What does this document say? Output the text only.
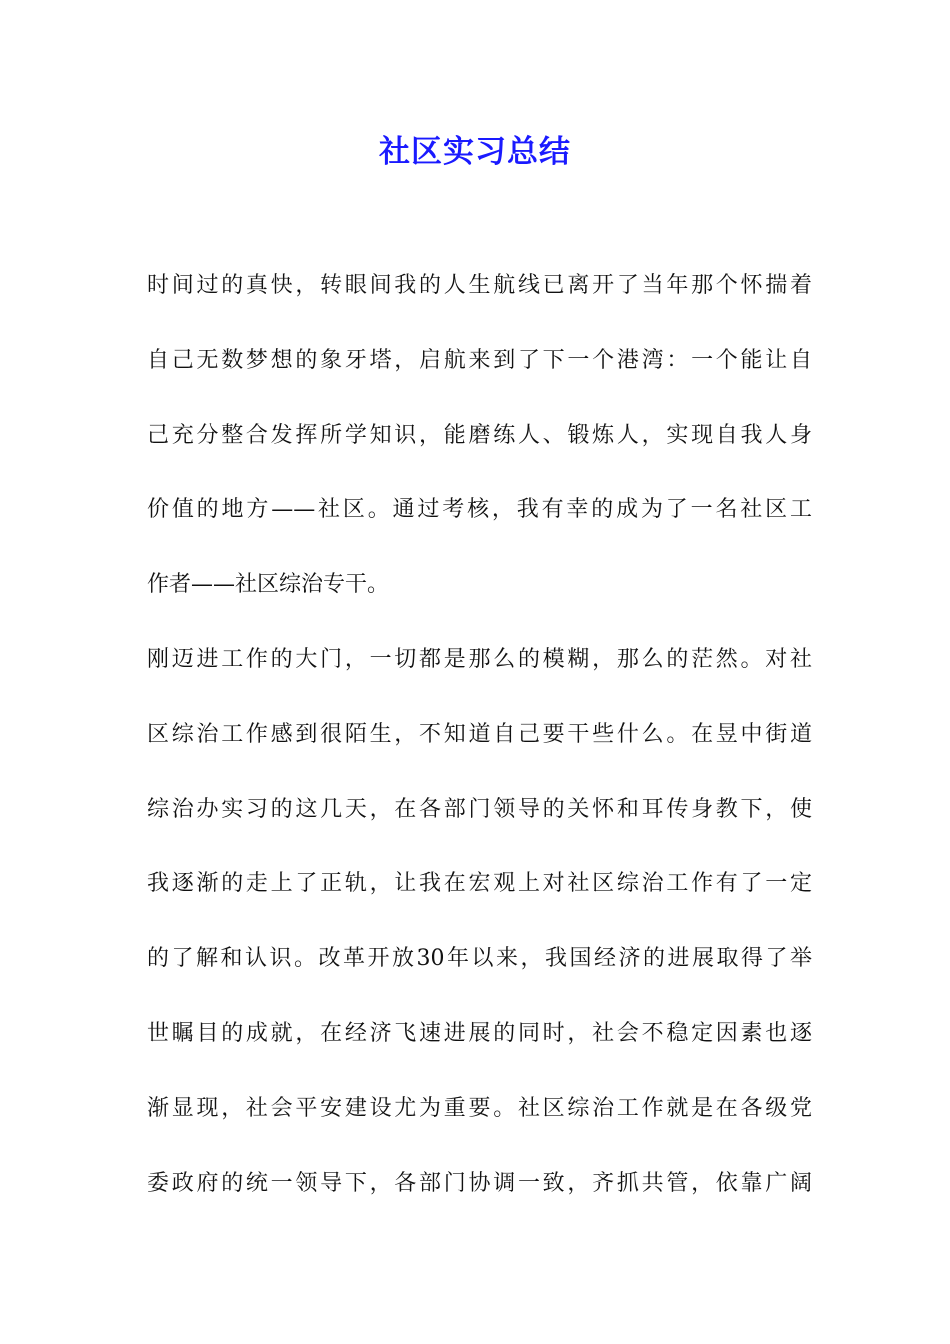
社区实习总结
时间过的真快，转眼间我的人生航线已离开了当年那个怀揣着
自己无数梦想的象牙塔，启航来到了下一个港湾：一个能让自
己充分整合发挥所学知识，能磨练人、锻炼人，实现自我人身
价值的地方——社区。通过考核，我有幸的成为了一名社区工
作者——社区综治专干。
刚迈进工作的大门，一切都是那么的模糊，那么的茫然。对社
区综治工作感到很陌生，不知道自己要干些什么。在昱中街道
综治办实习的这几天，在各部门领导的关怀和耳传身教下，使
我逐渐的走上了正轨，让我在宏观上对社区综治工作有了一定
的了解和认识。改革开放30年以来，我国经济的进展取得了举
世瞩目的成就，在经济飞速进展的同时，社会不稳定因素也逐
渐显现，社会平安建设尤为重要。社区综治工作就是在各级党
委政府的统一领导下，各部门协调一致，齐抓共管，依靠广阔
